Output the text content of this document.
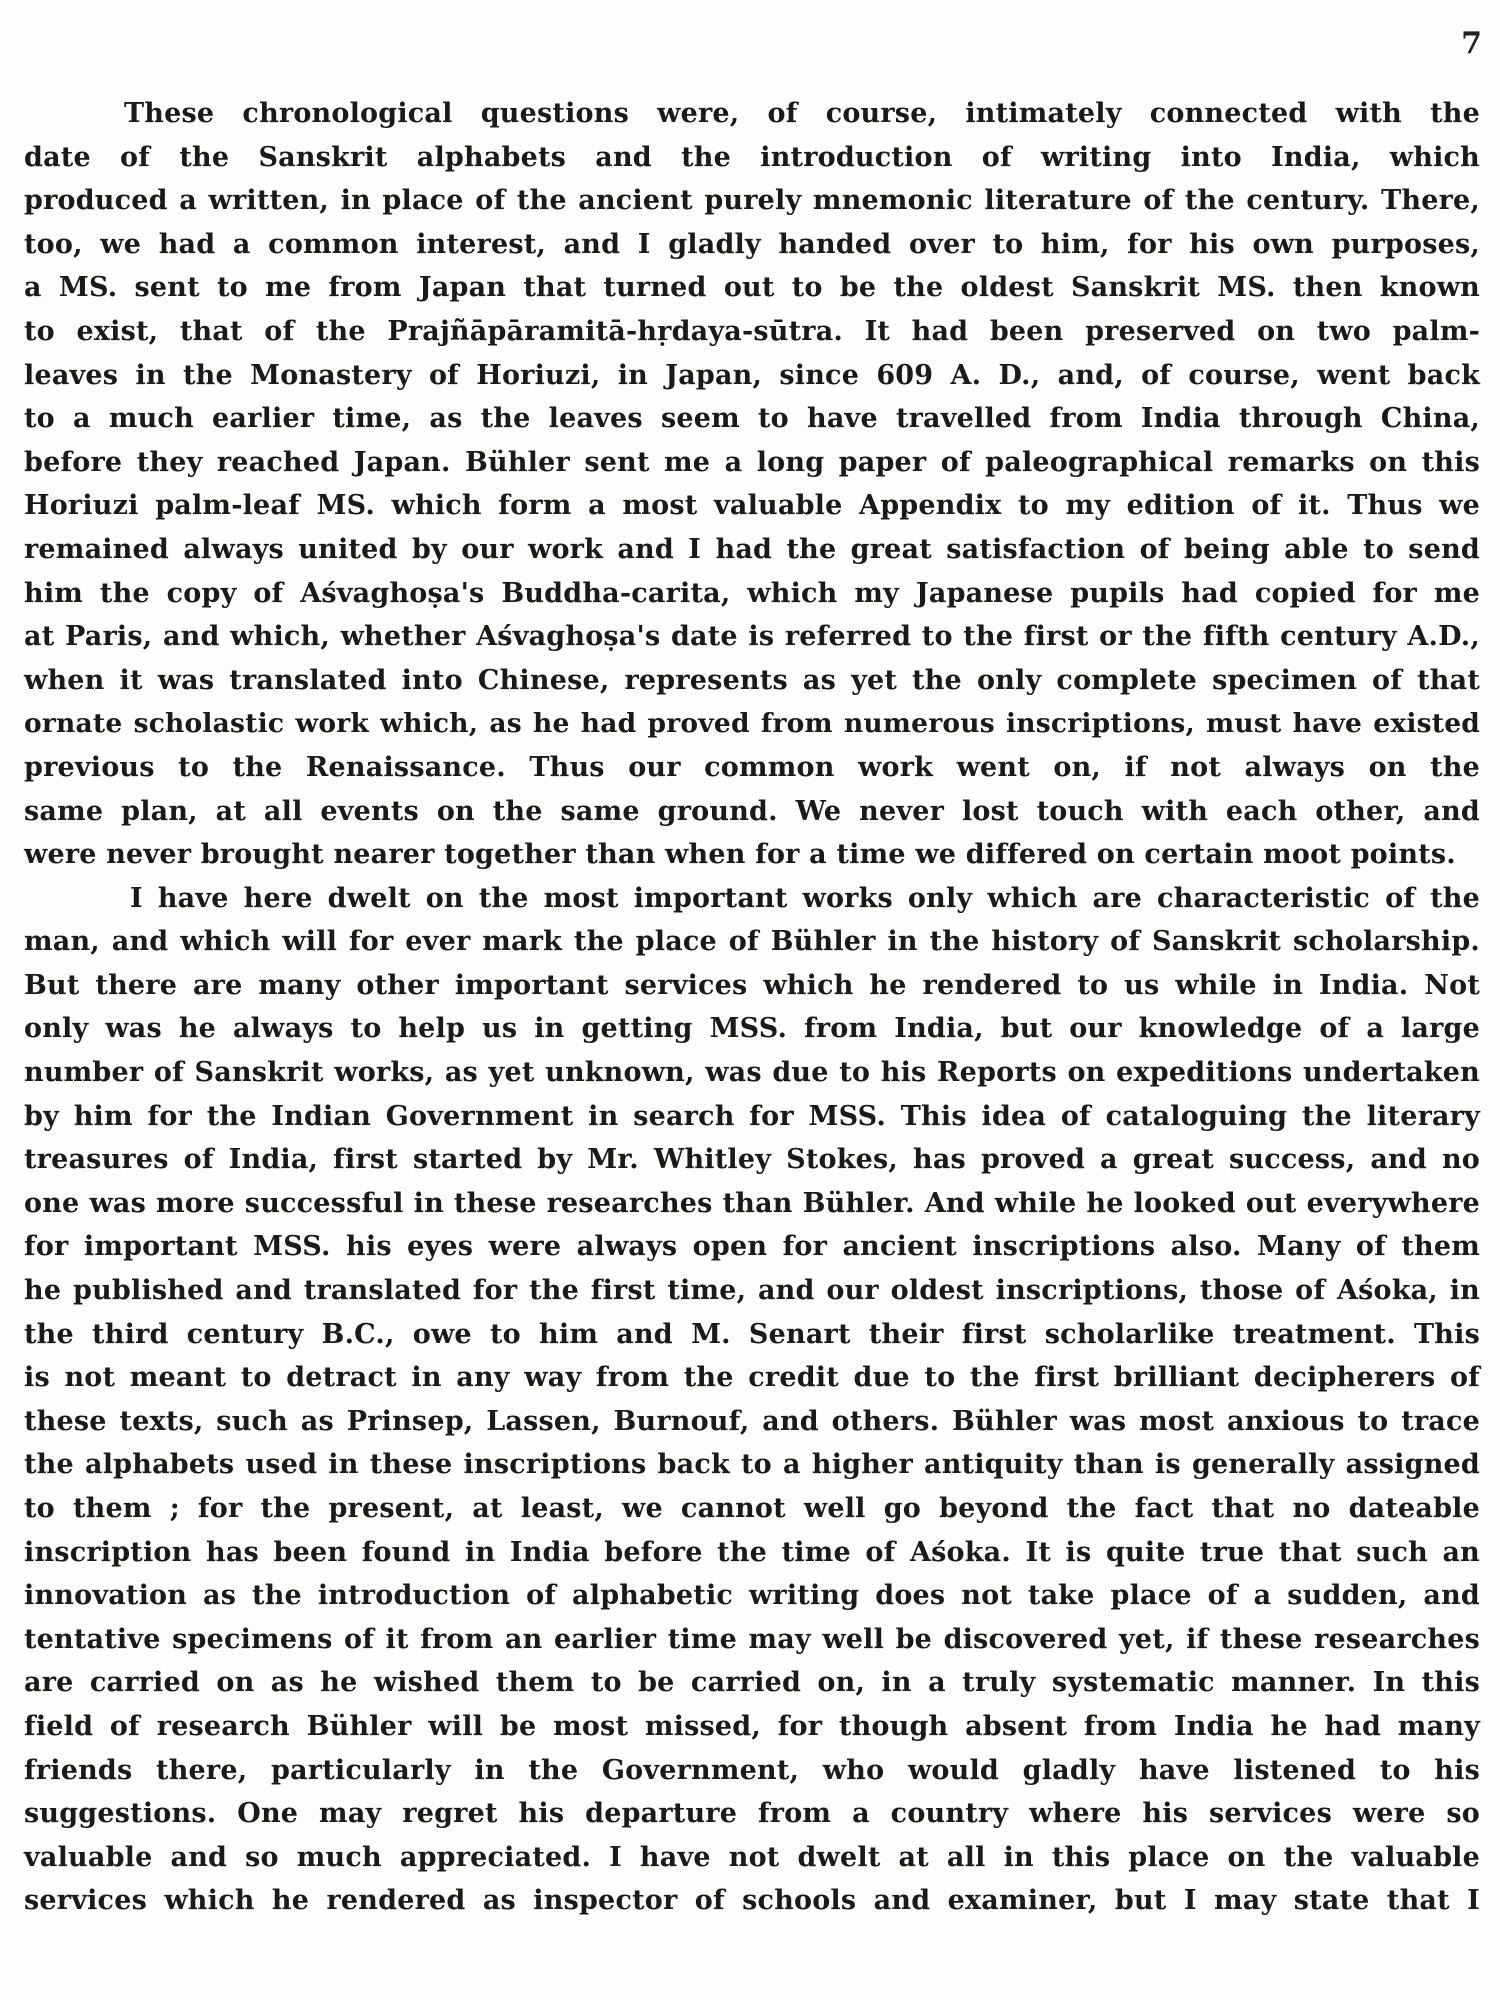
7
These chronological questions were, of course, intimately connected with the
date of the Sanskrit alphabets and the introduction of writing into India, which
produced a written, in place of the ancient purely mnemonic literature of the century. There,
too, we had a common interest, and I gladly handed over to him, for his own purposes,
a MS. sent to me from Japan that turned out to be the oldest Sanskrit MS. then known
to exist, that of the Prajñāpāramitā-hṛdaya-sūtra. It had been preserved on two palm-
leaves in the Monastery of Horiuzi, in Japan, since 609 A. D., and, of course, went back
to a much earlier time, as the leaves seem to have travelled from India through China,
before they reached Japan. Bühler sent me a long paper of paleographical remarks on this
Horiuzi palm-leaf MS. which form a most valuable Appendix to my edition of it. Thus we
remained always united by our work and I had the great satisfaction of being able to send
him the copy of Aśvaghoṣa's Buddha-carita, which my Japanese pupils had copied for me
at Paris, and which, whether Aśvaghoṣa's date is referred to the first or the fifth century A.D.,
when it was translated into Chinese, represents as yet the only complete specimen of that
ornate scholastic work which, as he had proved from numerous inscriptions, must have existed
previous to the Renaissance. Thus our common work went on, if not always on the
same plan, at all events on the same ground. We never lost touch with each other, and
were never brought nearer together than when for a time we differed on certain moot points.
I have here dwelt on the most important works only which are characteristic of the
man, and which will for ever mark the place of Bühler in the history of Sanskrit scholarship.
But there are many other important services which he rendered to us while in India. Not
only was he always to help us in getting MSS. from India, but our knowledge of a large
number of Sanskrit works, as yet unknown, was due to his Reports on expeditions undertaken
by him for the Indian Government in search for MSS. This idea of cataloguing the literary
treasures of India, first started by Mr. Whitley Stokes, has proved a great success, and no
one was more successful in these researches than Bühler. And while he looked out everywhere
for important MSS. his eyes were always open for ancient inscriptions also. Many of them
he published and translated for the first time, and our oldest inscriptions, those of Aśoka, in
the third century B.C., owe to him and M. Senart their first scholarlike treatment. This
is not meant to detract in any way from the credit due to the first brilliant decipherers of
these texts, such as Prinsep, Lassen, Burnouf, and others. Bühler was most anxious to trace
the alphabets used in these inscriptions back to a higher antiquity than is generally assigned
to them ; for the present, at least, we cannot well go beyond the fact that no dateable
inscription has been found in India before the time of Aśoka. It is quite true that such an
innovation as the introduction of alphabetic writing does not take place of a sudden, and
tentative specimens of it from an earlier time may well be discovered yet, if these researches
are carried on as he wished them to be carried on, in a truly systematic manner. In this
field of research Bühler will be most missed, for though absent from India he had many
friends there, particularly in the Government, who would gladly have listened to his
suggestions. One may regret his departure from a country where his services were so
valuable and so much appreciated. I have not dwelt at all in this place on the valuable
services which he rendered as inspector of schools and examiner, but I may state that I
